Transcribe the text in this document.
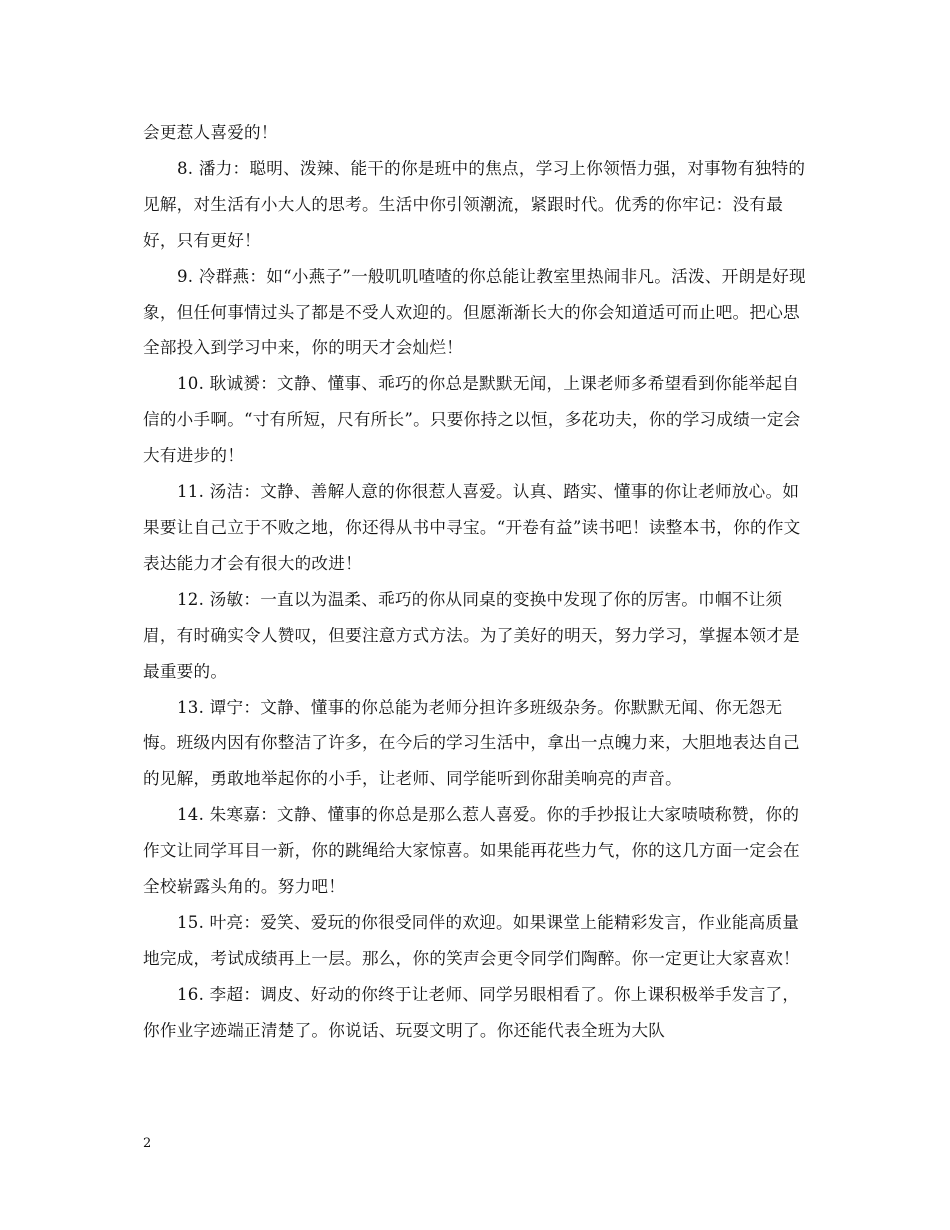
会更惹人喜爱的！

8. 潘力：聪明、泼辣、能干的你是班中的焦点，学习上你领悟力强，对事物有独特的见解，对生活有小大人的思考。生活中你引领潮流，紧跟时代。优秀的你牢记：没有最好，只有更好！

9. 冷群燕：如“小燕子”一般叽叽喳喳的你总能让教室里热闹非凡。活泼、开朗是好现象，但任何事情过头了都是不受人欢迎的。但愿渐渐长大的你会知道适可而止吧。把心思全部投入到学习中来，你的明天才会灿烂！

10. 耿诚赟：文静、懂事、乖巧的你总是默默无闻，上课老师多希望看到你能举起自信的小手啊。“寸有所短，尺有所长”。只要你持之以恒，多花功夫，你的学习成绩一定会大有进步的！

11. 汤洁：文静、善解人意的你很惹人喜爱。认真、踏实、懂事的你让老师放心。如果要让自己立于不败之地，你还得从书中寻宝。“开卷有益”读书吧！读整本书，你的作文表达能力才会有很大的改进！

12. 汤敏：一直以为温柔、乖巧的你从同桌的变换中发现了你的厉害。巾帼不让须眉，有时确实令人赞叹，但要注意方式方法。为了美好的明天，努力学习，掌握本领才是最重要的。

13. 谭宁：文静、懂事的你总能为老师分担许多班级杂务。你默默无闻、你无怨无悔。班级内因有你整洁了许多，在今后的学习生活中，拿出一点魄力来，大胆地表达自己的见解，勇敢地举起你的小手，让老师、同学能听到你甜美响亮的声音。

14. 朱寒嘉：文静、懂事的你总是那么惹人喜爱。你的手抄报让大家啧啧称赞，你的作文让同学耳目一新，你的跳绳给大家惊喜。如果能再花些力气，你的这几方面一定会在全校崭露头角的。努力吧！

15. 叶亮：爱笑、爱玩的你很受同伴的欢迎。如果课堂上能精彩发言，作业能高质量地完成，考试成绩再上一层。那么，你的笑声会更令同学们陶醉。你一定更让大家喜欢！

16. 李超：调皮、好动的你终于让老师、同学另眼相看了。你上课积极举手发言了，你作业字迹端正清楚了。你说话、玩耍文明了。你还能代表全班为大队

2
